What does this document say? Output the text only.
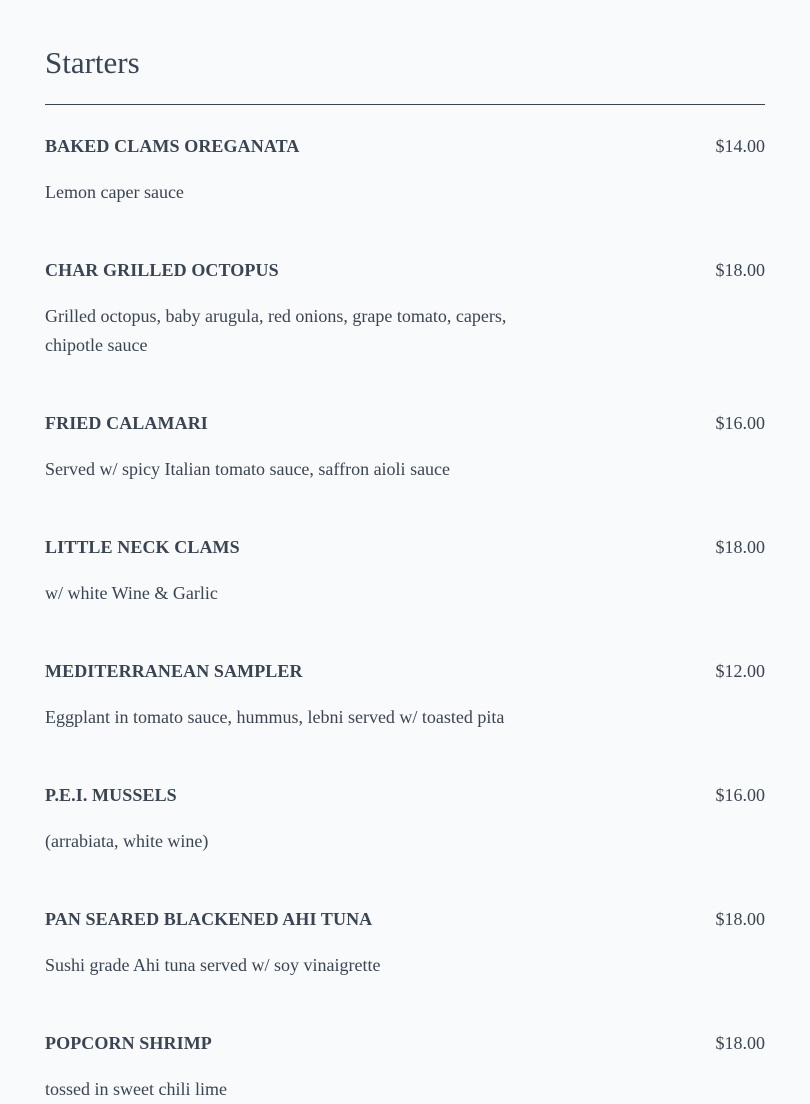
Starters
BAKED CLAMS OREGANATA	$14.00
Lemon caper sauce
CHAR GRILLED OCTOPUS	$18.00
Grilled octopus, baby arugula, red onions, grape tomato, capers, chipotle sauce
FRIED CALAMARI	$16.00
Served w/ spicy Italian tomato sauce, saffron aioli sauce
LITTLE NECK CLAMS	$18.00
w/ white Wine & Garlic
MEDITERRANEAN SAMPLER	$12.00
Eggplant in tomato sauce, hummus, lebni served w/ toasted pita
P.E.I. MUSSELS	$16.00
(arrabiata, white wine)
PAN SEARED BLACKENED AHI TUNA	$18.00
Sushi grade Ahi tuna served w/ soy vinaigrette
POPCORN SHRIMP	$18.00
tossed in sweet chili lime
